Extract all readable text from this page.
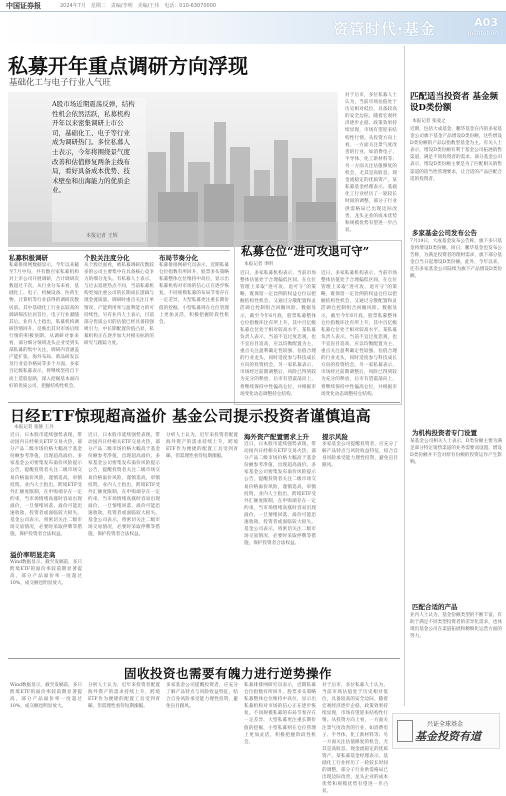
中国证券报	2024年7月　星期二　责编/李明　美编/王伟　电话：010-63070000
资管时代·基金	A03
Institution
私募开年重点调研方向浮现
基础化工与电子行业人气旺
A股市场近期震荡反弹，结构性机会依然活跃，私募机构开年以来密集调研上市公司，基础化工、电子等行业成为调研热门。多位私募人士表示，今年将围绕景气度改善和估值修复两条主线布局，看好具备成本优势、技术壁垒和出海能力的优质企业。
本报记者 王辉
私募积极调研
私募排排网数据显示，今年以来截至7月中旬，共有数百家私募机构对上市公司开展调研，合计调研次数超过千次。从行业分布来看，基础化工、电子、机械设备、医药生物、计算机等行业获得的调研次数居前。其中基础化工行业以较高的调研频次位居首位，电子行业紧随其后。业内人士指出，私募机构调研热情回升，反映出其对市场后续行情的积极预期。从调研对象来看，部分细分领域龙头企业受到头部私募的集中关注，调研内容涵盖产能扩张、海外布局、新品研发以及行业竞争格局等多个方面。多家百亿级私募表示，将继续坚持自下而上选股思路，深入挖掘基本面向好的优质公司，把握结构性机会。
个股关注度分化
从个股层面看，被私募调研次数较多的公司主要集中在具备核心竞争力的细分龙头。有私募人士表示，与过去追逐热点不同，当前私募机构更加注重公司的长期成长逻辑与现金流质量，调研时重点关注订单情况、产能利用率与盈利能力的可持续性。另有业内人士表示，目前部分优质公司的估值已经具备较强吸引力，中长期配置价值凸显，私募机构正在逐步加大对相关标的的研究与跟踪力度。
布局节奏分化
私募排排网研究员表示，近期私募仓位指数有所回升，股票多头策略私募整体仓位维持中高位，显示出私募机构对市场的信心正在逐步恢复。不同规模私募的布局节奏存在一定差异，大型私募更注重长期价值的挖掘，小型私募则在仓位管理上更加灵活，积极把握阶段性机会。
对于后市，多位私募人士认为，当前市场估值处于历史相对低位，具备较高的安全边际，随着宏观经济逐步企稳、政策效果持续显现，市场有望迎来结构性行情。从投资方向上看，一方面关注景气度改善的行业，如消费电子、半导体、化工新材料等；另一方面关注估值修复的机会，尤其是高股息、现金流稳定的优质资产。某私募基金经理表示，基础化工行业经历了一轮较长时间的调整，部分子行业供需格局已出现边际改善，龙头企业的成本优势和规模优势有望进一步凸显。
私募仓位“进可攻退可守”
本报记者 李明
近日，多家私募机构表示，当前市场整体估值处于合理偏低区间，在仓位管理上采取“进可攻、退可守”的策略，既保留一定比例的权益仓位以把握结构性机会，又通过分散配置和灵活调仓控制组合回撤风险。数据显示，截至今年6月底，股票私募整体仓位指数环比有所上升，其中百亿级私募仓位处于相对较高水平。某私募负责人表示，当前不宜过度悲观，也不宜盲目追高，应以均衡配置为主，重点关注盈利确定性较强、估值合理的行业龙头，同时适度参与科技成长方向的投资机会。另一家私募表示，市场经过前期调整后，风险已得到较为充分的释放，后市有望震荡向上，将继续保持中性偏高仓位，并根据市场变化动态调整持仓结构。
近日，多家私募机构表示，当前市场整体估值处于合理偏低区间，在仓位管理上采取“进可攻、退可守”的策略，既保留一定比例的权益仓位以把握结构性机会，又通过分散配置和灵活调仓控制组合回撤风险。数据显示，截至今年6月底，股票私募整体仓位指数环比有所上升，其中百亿级私募仓位处于相对较高水平。某私募负责人表示，当前不宜过度悲观，也不宜盲目追高，应以均衡配置为主，重点关注盈利确定性较强、估值合理的行业龙头，同时适度参与科技成长方向的投资机会。另一家私募表示，市场经过前期调整后，风险已得到较为充分的释放，后市有望震荡向上，将继续保持中性偏高仓位，并根据市场变化动态调整持仓结构。
日经ETF惊现超高溢价 基金公司提示投资者谨慎追高
本报记者 张静 王丹
近日，日本股市延续强势表现，带动国内日经相关ETF交易火热，部分产品二级市场价格大幅高于基金份额参考净值，出现超高溢价。多家基金公司密集发布溢价风险提示公告，提醒投资者关注二级市场交易价格溢价风险，谨慎追高，审慎投资。业内人士指出，跨境ETF受外汇额度限制，在申购端存在一定约束，当市场情绪高涨时容易出现溢价，一旦情绪回落，溢价可能迅速收敛，投资者或面临较大损失。基金公司表示，将密切关注二级市场交易情况，必要时采取停牌等措施，保护投资者合法权益。
溢价率明显走高
Wind数据显示，截至发稿前，多只跨境ETF的溢价率较前期显著提高，部分产品溢价率一度超过10%，成交额也明显放大。
近日，日本股市延续强势表现，带动国内日经相关ETF交易火热，部分产品二级市场价格大幅高于基金份额参考净值，出现超高溢价。多家基金公司密集发布溢价风险提示公告，提醒投资者关注二级市场交易价格溢价风险，谨慎追高，审慎投资。业内人士指出，跨境ETF受外汇额度限制，在申购端存在一定约束，当市场情绪高涨时容易出现溢价，一旦情绪回落，溢价可能迅速收敛，投资者或面临较大损失。基金公司表示，将密切关注二级市场交易情况，必要时采取停牌等措施，保护投资者合法权益。
分析人士认为，近年来投资者配置海外资产的需求持续上升，跨境ETF作为便捷的配置工具受到青睐，但需理性看待短期涨幅。
海外资产配置需求上升
近日，日本股市延续强势表现，带动国内日经相关ETF交易火热，部分产品二级市场价格大幅高于基金份额参考净值，出现超高溢价。多家基金公司密集发布溢价风险提示公告，提醒投资者关注二级市场交易价格溢价风险，谨慎追高，审慎投资。业内人士指出，跨境ETF受外汇额度限制，在申购端存在一定约束，当市场情绪高涨时容易出现溢价，一旦情绪回落，溢价可能迅速收敛，投资者或面临较大损失。基金公司表示，将密切关注二级市场交易情况，必要时采取停牌等措施，保护投资者合法权益。
提示风险
多家基金公司提醒投资者，应充分了解产品特点与风险收益特征，结合自身风险承受能力理性投资，避免盲目跟风。
固收投资也需要有魄力进行逆势操作
Wind数据显示，截至发稿前，多只跨境ETF的溢价率较前期显著提高，部分产品溢价率一度超过10%，成交额也明显放大。
分析人士认为，近年来投资者配置海外资产的需求持续上升，跨境ETF作为便捷的配置工具受到青睐，但需理性看待短期涨幅。
多家基金公司提醒投资者，应充分了解产品特点与风险收益特征，结合自身风险承受能力理性投资，避免盲目跟风。
私募排排网研究员表示，近期私募仓位指数有所回升，股票多头策略私募整体仓位维持中高位，显示出私募机构对市场的信心正在逐步恢复。不同规模私募的布局节奏存在一定差异，大型私募更注重长期价值的挖掘，小型私募则在仓位管理上更加灵活，积极把握阶段性机会。
对于后市，多位私募人士认为，当前市场估值处于历史相对低位，具备较高的安全边际，随着宏观经济逐步企稳、政策效果持续显现，市场有望迎来结构性行情。从投资方向上看，一方面关注景气度改善的行业，如消费电子、半导体、化工新材料等；另一方面关注估值修复的机会，尤其是高股息、现金流稳定的优质资产。某私募基金经理表示，基础化工行业经历了一轮较长时间的调整，部分子行业供需格局已出现边际改善，龙头企业的成本优势和规模优势有望进一步凸显。
匹配适当投资者 基金频设D类份额
本报记者 张凌之
近期，包括大成基金、鹏华基金在内的多家基金公司旗下基金产品增设D类份额，这些增设D类份额的产品以指数型基金为主。有关人士表示，增设D类份额有利于基金公司拓展销售渠道，满足不同投资者的需求。部分基金公司表示，增设D类份额主要是为了匹配相关销售渠道的适当性管理要求，让合适的产品匹配合适的投资者。
多家基金公司发布公告
7月19日，大成基金发布公告称，旗下多只基金将增设D类份额。同日，鹏华基金也发布公告称，为满足投资者的理财需求，旗下部分基金自当日起增设D类份额。此外，今年以来，还有多家基金公司陆续为旗下产品增设D类份额。
为机构投资者专门设置
某基金公司相关人士表示，D类份额主要为满足部分特定销售渠道的业务需要而设置，增设D类份额并不会对原有份额的投资运作产生影响。
匹配合适的产品
业内人士认为，基金份额类型的不断丰富，有助于满足不同类型投资者的差异化需求，也体现出基金公司在渠道拓展和精细化运营方面的努力。
兴证全球基金
基金投资有道
